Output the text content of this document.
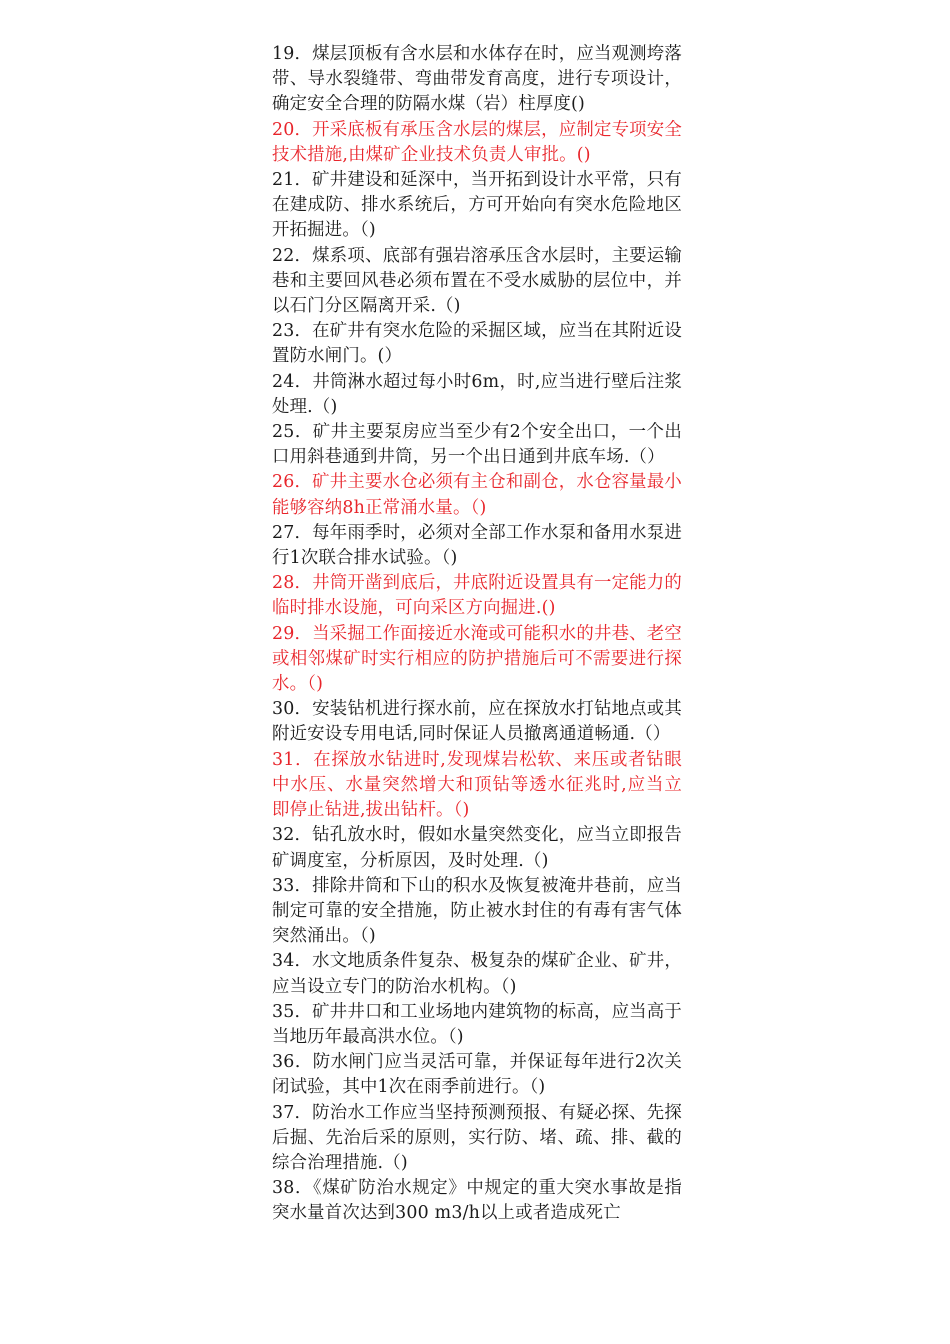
19．煤层顶板有含水层和水体存在时，应当观测垮落带、导水裂缝带、弯曲带发育高度，进行专项设计，确定安全合理的防隔水煤（岩）柱厚度()

20．开采底板有承压含水层的煤层，应制定专项安全技术措施,由煤矿企业技术负责人审批。()

21．矿井建设和延深中，当开拓到设计水平常，只有在建成防、排水系统后，方可开始向有突水危险地区开拓掘进。（)

22．煤系项、底部有强岩溶承压含水层时，主要运输巷和主要回风巷必须布置在不受水威胁的层位中，并以石门分区隔离开采.（)

23．在矿井有突水危险的采掘区域，应当在其附近设置防水闸门。(）

24．井筒淋水超过每小时6m，时,应当进行壁后注浆处理.（)

25．矿井主要泵房应当至少有2个安全出口，一个出口用斜巷通到井筒，另一个出日通到井底车场.（）

26．矿井主要水仓必须有主仓和副仓，水仓容量最小能够容纳8h正常涌水量。（)

27．每年雨季时，必须对全部工作水泵和备用水泵进行1次联合排水试验。（)

28．井筒开凿到底后，井底附近设置具有一定能力的临时排水设施，可向采区方向掘进.()

29．当采掘工作面接近水淹或可能积水的井巷、老空或相邻煤矿时实行相应的防护措施后可不需要进行探水。（)

30．安装钻机进行探水前，应在探放水打钻地点或其附近安设专用电话,同时保证人员撤离通道畅通.（）

31．在探放水钻进时,发现煤岩松软、来压或者钻眼中水压、水量突然增大和顶钻等透水征兆时,应当立即停止钻进,拔出钻杆。（)

32．钻孔放水时，假如水量突然变化，应当立即报告矿调度室，分析原因，及时处理.（)

33．排除井筒和下山的积水及恢复被淹井巷前，应当制定可靠的安全措施，防止被水封住的有毒有害气体突然涌出。（)

34．水文地质条件复杂、极复杂的煤矿企业、矿井，应当设立专门的防治水机构。（)

35．矿井井口和工业场地内建筑物的标高，应当高于当地历年最高洪水位。（)

36．防水闸门应当灵活可靠，并保证每年进行2次关闭试验，其中1次在雨季前进行。（)

37．防治水工作应当坚持预测预报、有疑必探、先探后掘、先治后采的原则，实行防、堵、疏、排、截的综合治理措施.（)

38．《煤矿防治水规定》中规定的重大突水事故是指突水量首次达到300 m3/h以上或者造成死亡
